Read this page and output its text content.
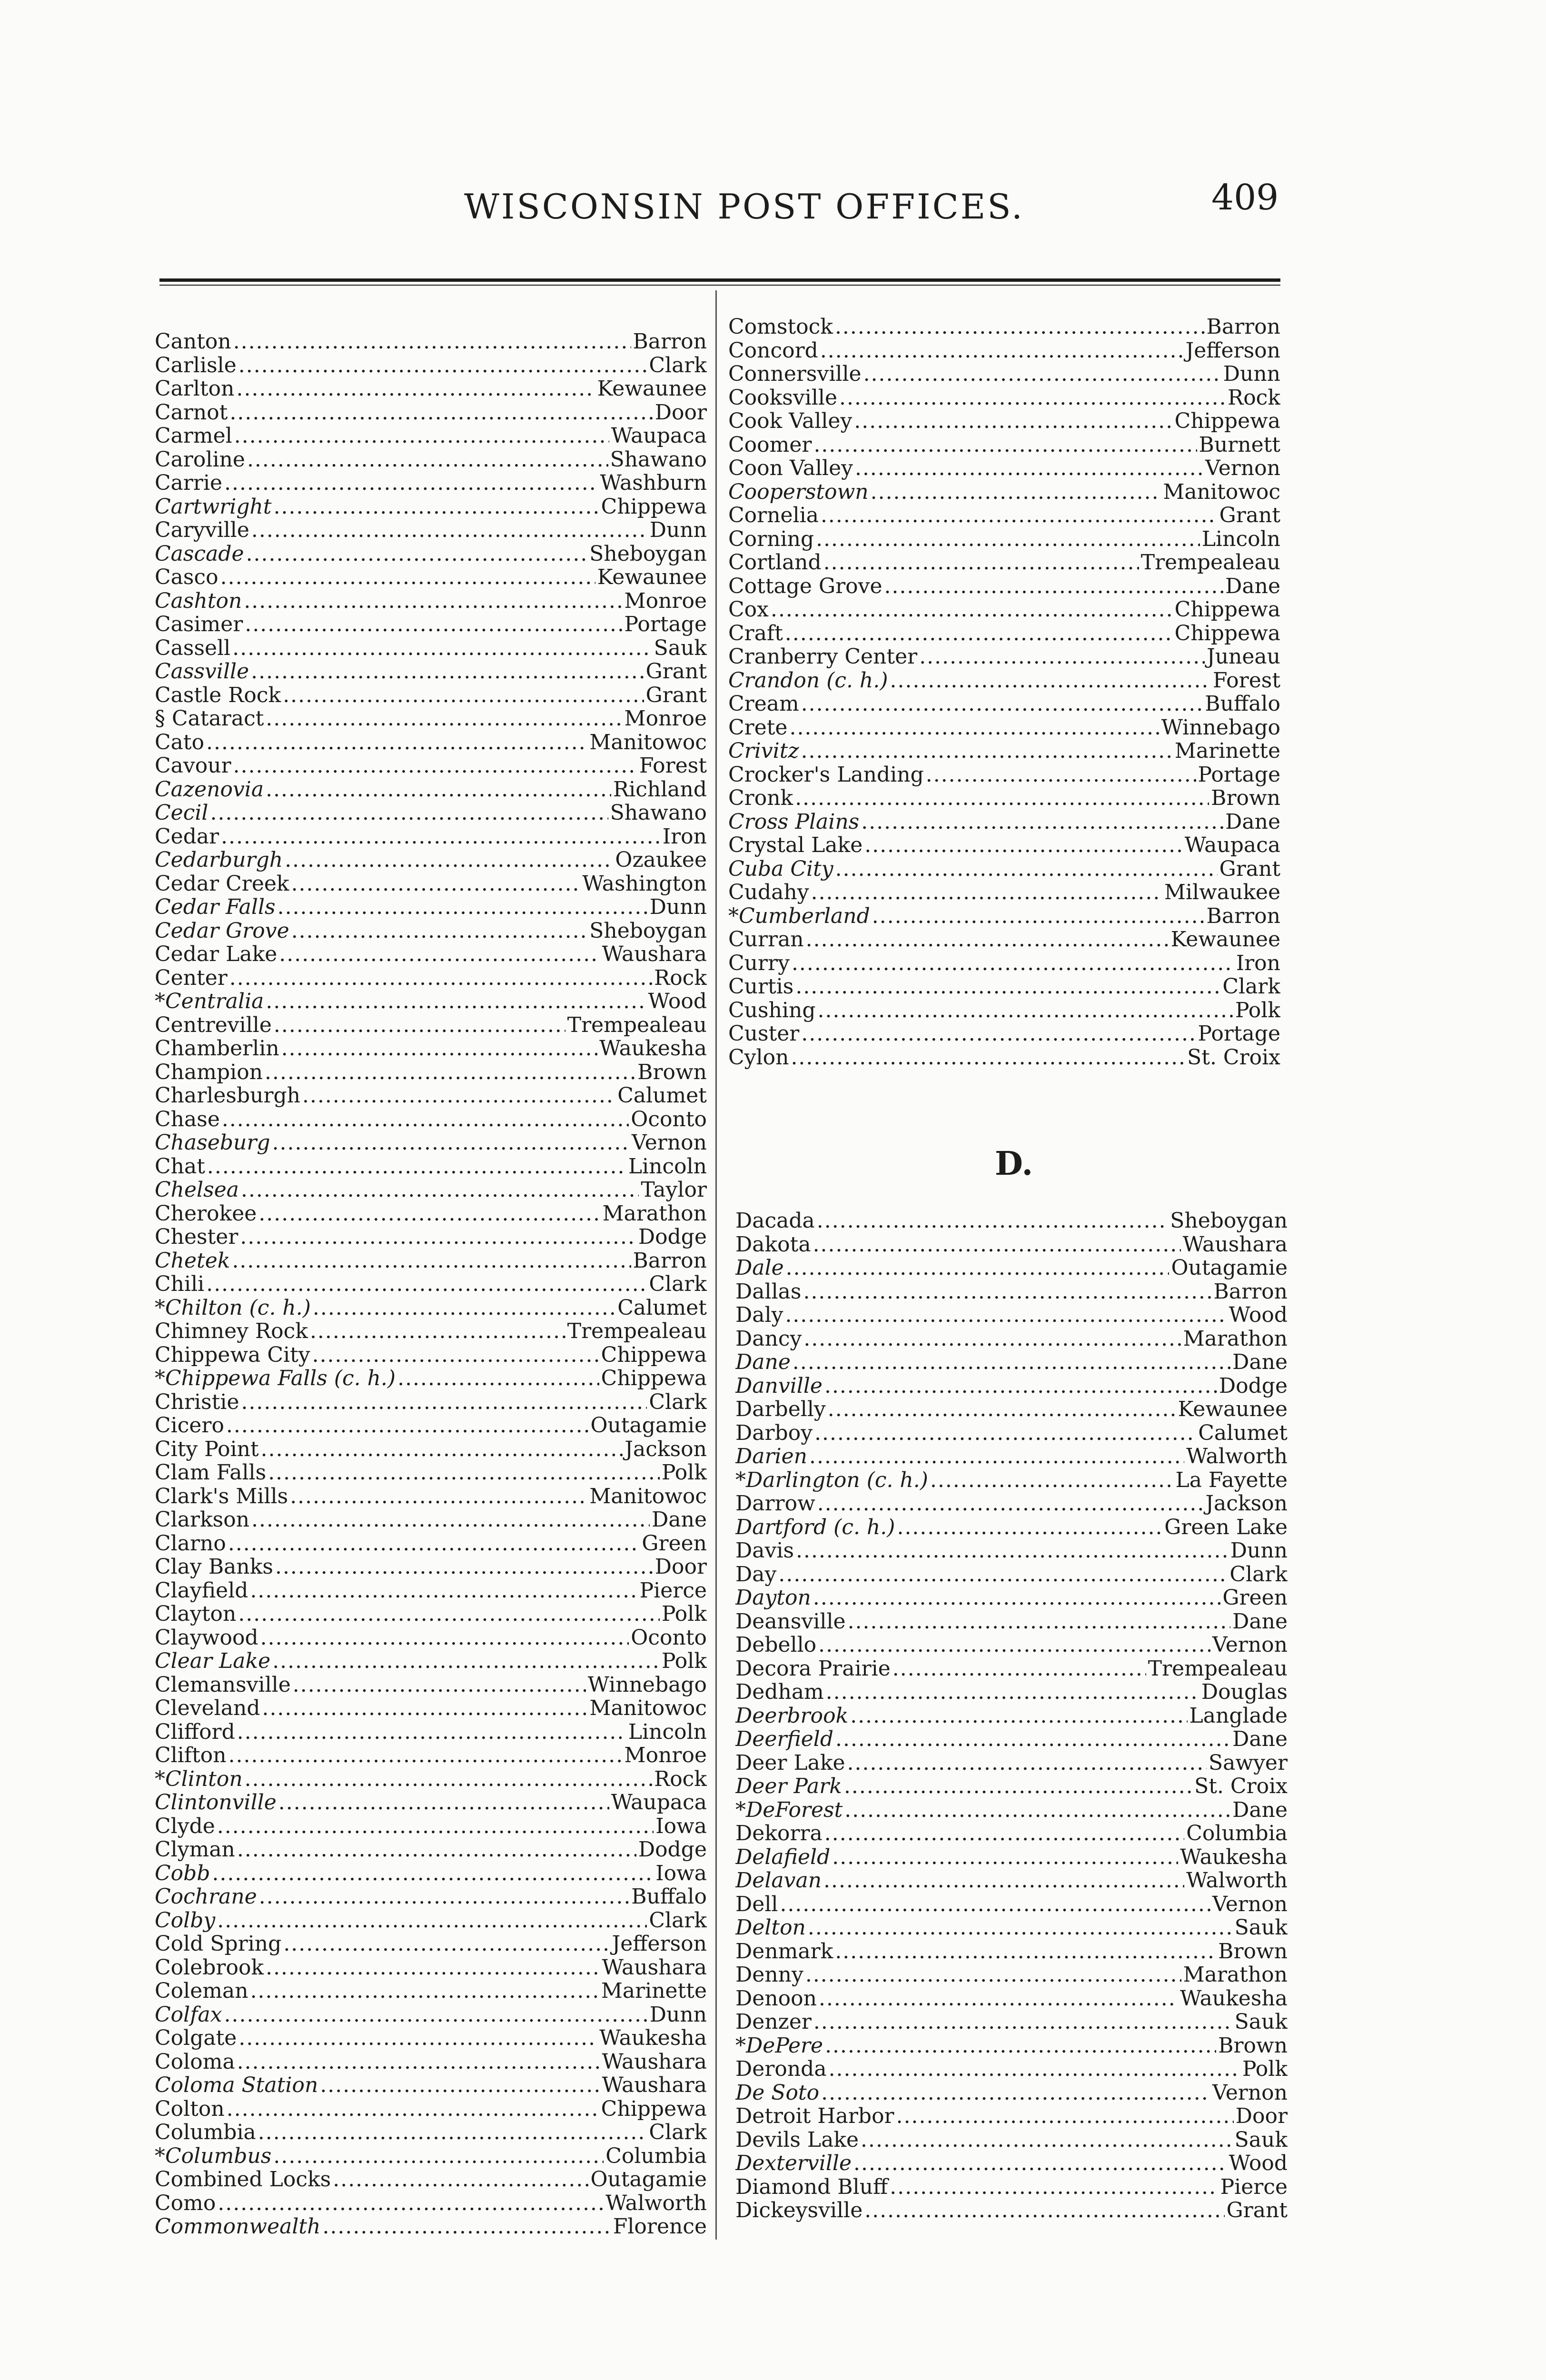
WISCONSIN POST OFFICES.	409
Canton . . .	Barron
Carlisle . . .	Clark
Carlton . . .	Kewaunee
Carnot . . .	Door
Carmel . . .	Waupaca
Caroline . . .	Shawano
Carrie . . .	Washburn
Cartwright . . .	Chippewa
Caryville . . .	Dunn
Cascade . . .	Sheboygan
Casco . . .	Kewaunee
Cashton . . .	Monroe
Casimer . . .	Portage
Cassell . . .	Sauk
Cassville . . .	Grant
Castle Rock . . .	Grant
§ Cataract . . .	Monroe
Cato . . .	Manitowoc
Cavour . . .	Forest
Cazenovia . . .	Richland
Cecil . . .	Shawano
Cedar . . .	Iron
Cedarburgh . . .	Ozaukee
Cedar Creek . . .	Washington
Cedar Falls . . .	Dunn
Cedar Grove . . .	Sheboygan
Cedar Lake . . .	Waushara
Center . . .	Rock
*Centralia . . .	Wood
Centreville . . .	Trempealeau
Chamberlin . . .	Waukesha
Champion . . .	Brown
Charlesburgh . . .	Calumet
Chase . . .	Oconto
Chaseburg . . .	Vernon
Chat . . .	Lincoln
Chelsea . . .	Taylor
Cherokee . . .	Marathon
Chester . . .	Dodge
Chetek . . .	Barron
Chili . . .	Clark
*Chilton (c. h.) . . .	Calumet
Chimney Rock . . .	Trempealeau
Chippewa City . . .	Chippewa
*Chippewa Falls (c. h.) . . .	Chippewa
Christie . . .	Clark
Cicero . . .	Outagamie
City Point . . .	Jackson
Clam Falls . . .	Polk
Clark's Mills . . .	Manitowoc
Clarkson . . .	Dane
Clarno . . .	Green
Clay Banks . . .	Door
Clayfield . . .	Pierce
Clayton . . .	Polk
Claywood . . .	Oconto
Clear Lake . . .	Polk
Clemansville . . .	Winnebago
Cleveland . . .	Manitowoc
Clifford . . .	Lincoln
Clifton . . .	Monroe
*Clinton . . .	Rock
Clintonville . . .	Waupaca
Clyde . . .	Iowa
Clyman . . .	Dodge
Cobb . . .	Iowa
Cochrane . . .	Buffalo
Colby . . .	Clark
Cold Spring . . .	Jefferson
Colebrook . . .	Waushara
Coleman . . .	Marinette
Colfax . . .	Dunn
Colgate . . .	Waukesha
Coloma . . .	Waushara
Coloma Station . . .	Waushara
Colton . . .	Chippewa
Columbia . . .	Clark
*Columbus . . .	Columbia
Combined Locks . . .	Outagamie
Como . . .	Walworth
Commonwealth . . .	Florence
Comstock . . .	Barron
Concord . . .	Jefferson
Connersville . . .	Dunn
Cooksville . . .	Rock
Cook Valley . . .	Chippewa
Coomer . . .	Burnett
Coon Valley . . .	Vernon
Cooperstown . . .	Manitowoc
Cornelia . . .	Grant
Corning . . .	Lincoln
Cortland . . .	Trempealeau
Cottage Grove . . .	Dane
Cox . . .	Chippewa
Craft . . .	Chippewa
Cranberry Center . . .	Juneau
Crandon (c. h.) . . .	Forest
Cream . . .	Buffalo
Crete . . .	Winnebago
Crivitz . . .	Marinette
Crocker's Landing . . .	Portage
Cronk . . .	Brown
Cross Plains . . .	Dane
Crystal Lake . . .	Waupaca
Cuba City . . .	Grant
Cudahy . . .	Milwaukee
*Cumberland . . .	Barron
Curran . . .	Kewaunee
Curry . . .	Iron
Curtis . . .	Clark
Cushing . . .	Polk
Custer . . .	Portage
Cylon . . .	St. Croix
D.
Dacada . . .	Sheboygan
Dakota . . .	Waushara
Dale . . .	Outagamie
Dallas . . .	Barron
Daly . . .	Wood
Dancy . . .	Marathon
Dane . . .	Dane
Danville . . .	Dodge
Darbelly . . .	Kewaunee
Darboy . . .	Calumet
Darien . . .	Walworth
*Darlington (c. h.) . . .	La Fayette
Darrow . . .	Jackson
Dartford (c. h.) . . .	Green Lake
Davis . . .	Dunn
Day . . .	Clark
Dayton . . .	Green
Deansville . . .	Dane
Debello . . .	Vernon
Decora Prairie . . .	Trempealeau
Dedham . . .	Douglas
Deerbrook . . .	Langlade
Deerfield . . .	Dane
Deer Lake . . .	Sawyer
Deer Park . . .	St. Croix
*DeForest . . .	Dane
Dekorra . . .	Columbia
Delafield . . .	Waukesha
Delavan . . .	Walworth
Dell . . .	Vernon
Delton . . .	Sauk
Denmark . . .	Brown
Denny . . .	Marathon
Denoon . . .	Waukesha
Denzer . . .	Sauk
*DePere . . .	Brown
Deronda . . .	Polk
De Soto . . .	Vernon
Detroit Harbor . . .	Door
Devils Lake . . .	Sauk
Dexterville . . .	Wood
Diamond Bluff . . .	Pierce
Dickeysville . . .	Grant
